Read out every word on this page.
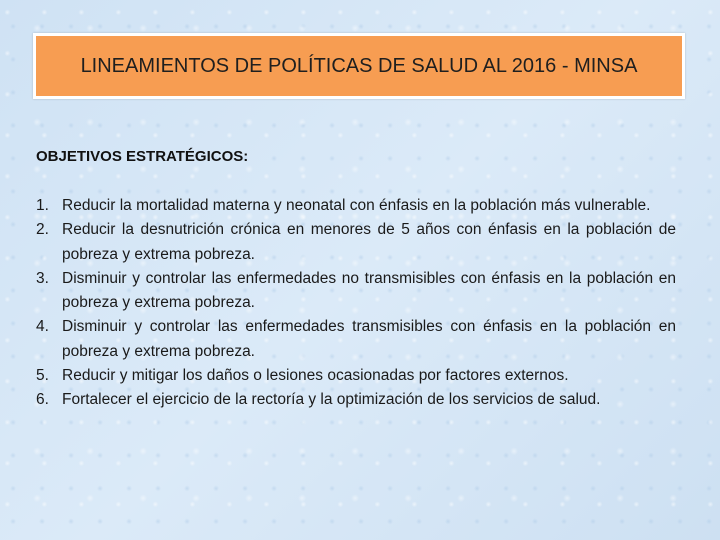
LINEAMIENTOS DE POLÍTICAS DE SALUD AL 2016 - MINSA
OBJETIVOS ESTRATÉGICOS:
1. Reducir la mortalidad materna y neonatal con énfasis en la población más vulnerable.
2. Reducir la desnutrición crónica en menores de 5 años con énfasis en la población de pobreza y extrema pobreza.
3. Disminuir y controlar las enfermedades no transmisibles con énfasis en la población en pobreza y extrema pobreza.
4. Disminuir y controlar las enfermedades transmisibles con énfasis en la población en pobreza y extrema pobreza.
5. Reducir y mitigar los daños o lesiones ocasionadas por factores externos.
6. Fortalecer el ejercicio de la rectoría y la optimización de los servicios de salud.
